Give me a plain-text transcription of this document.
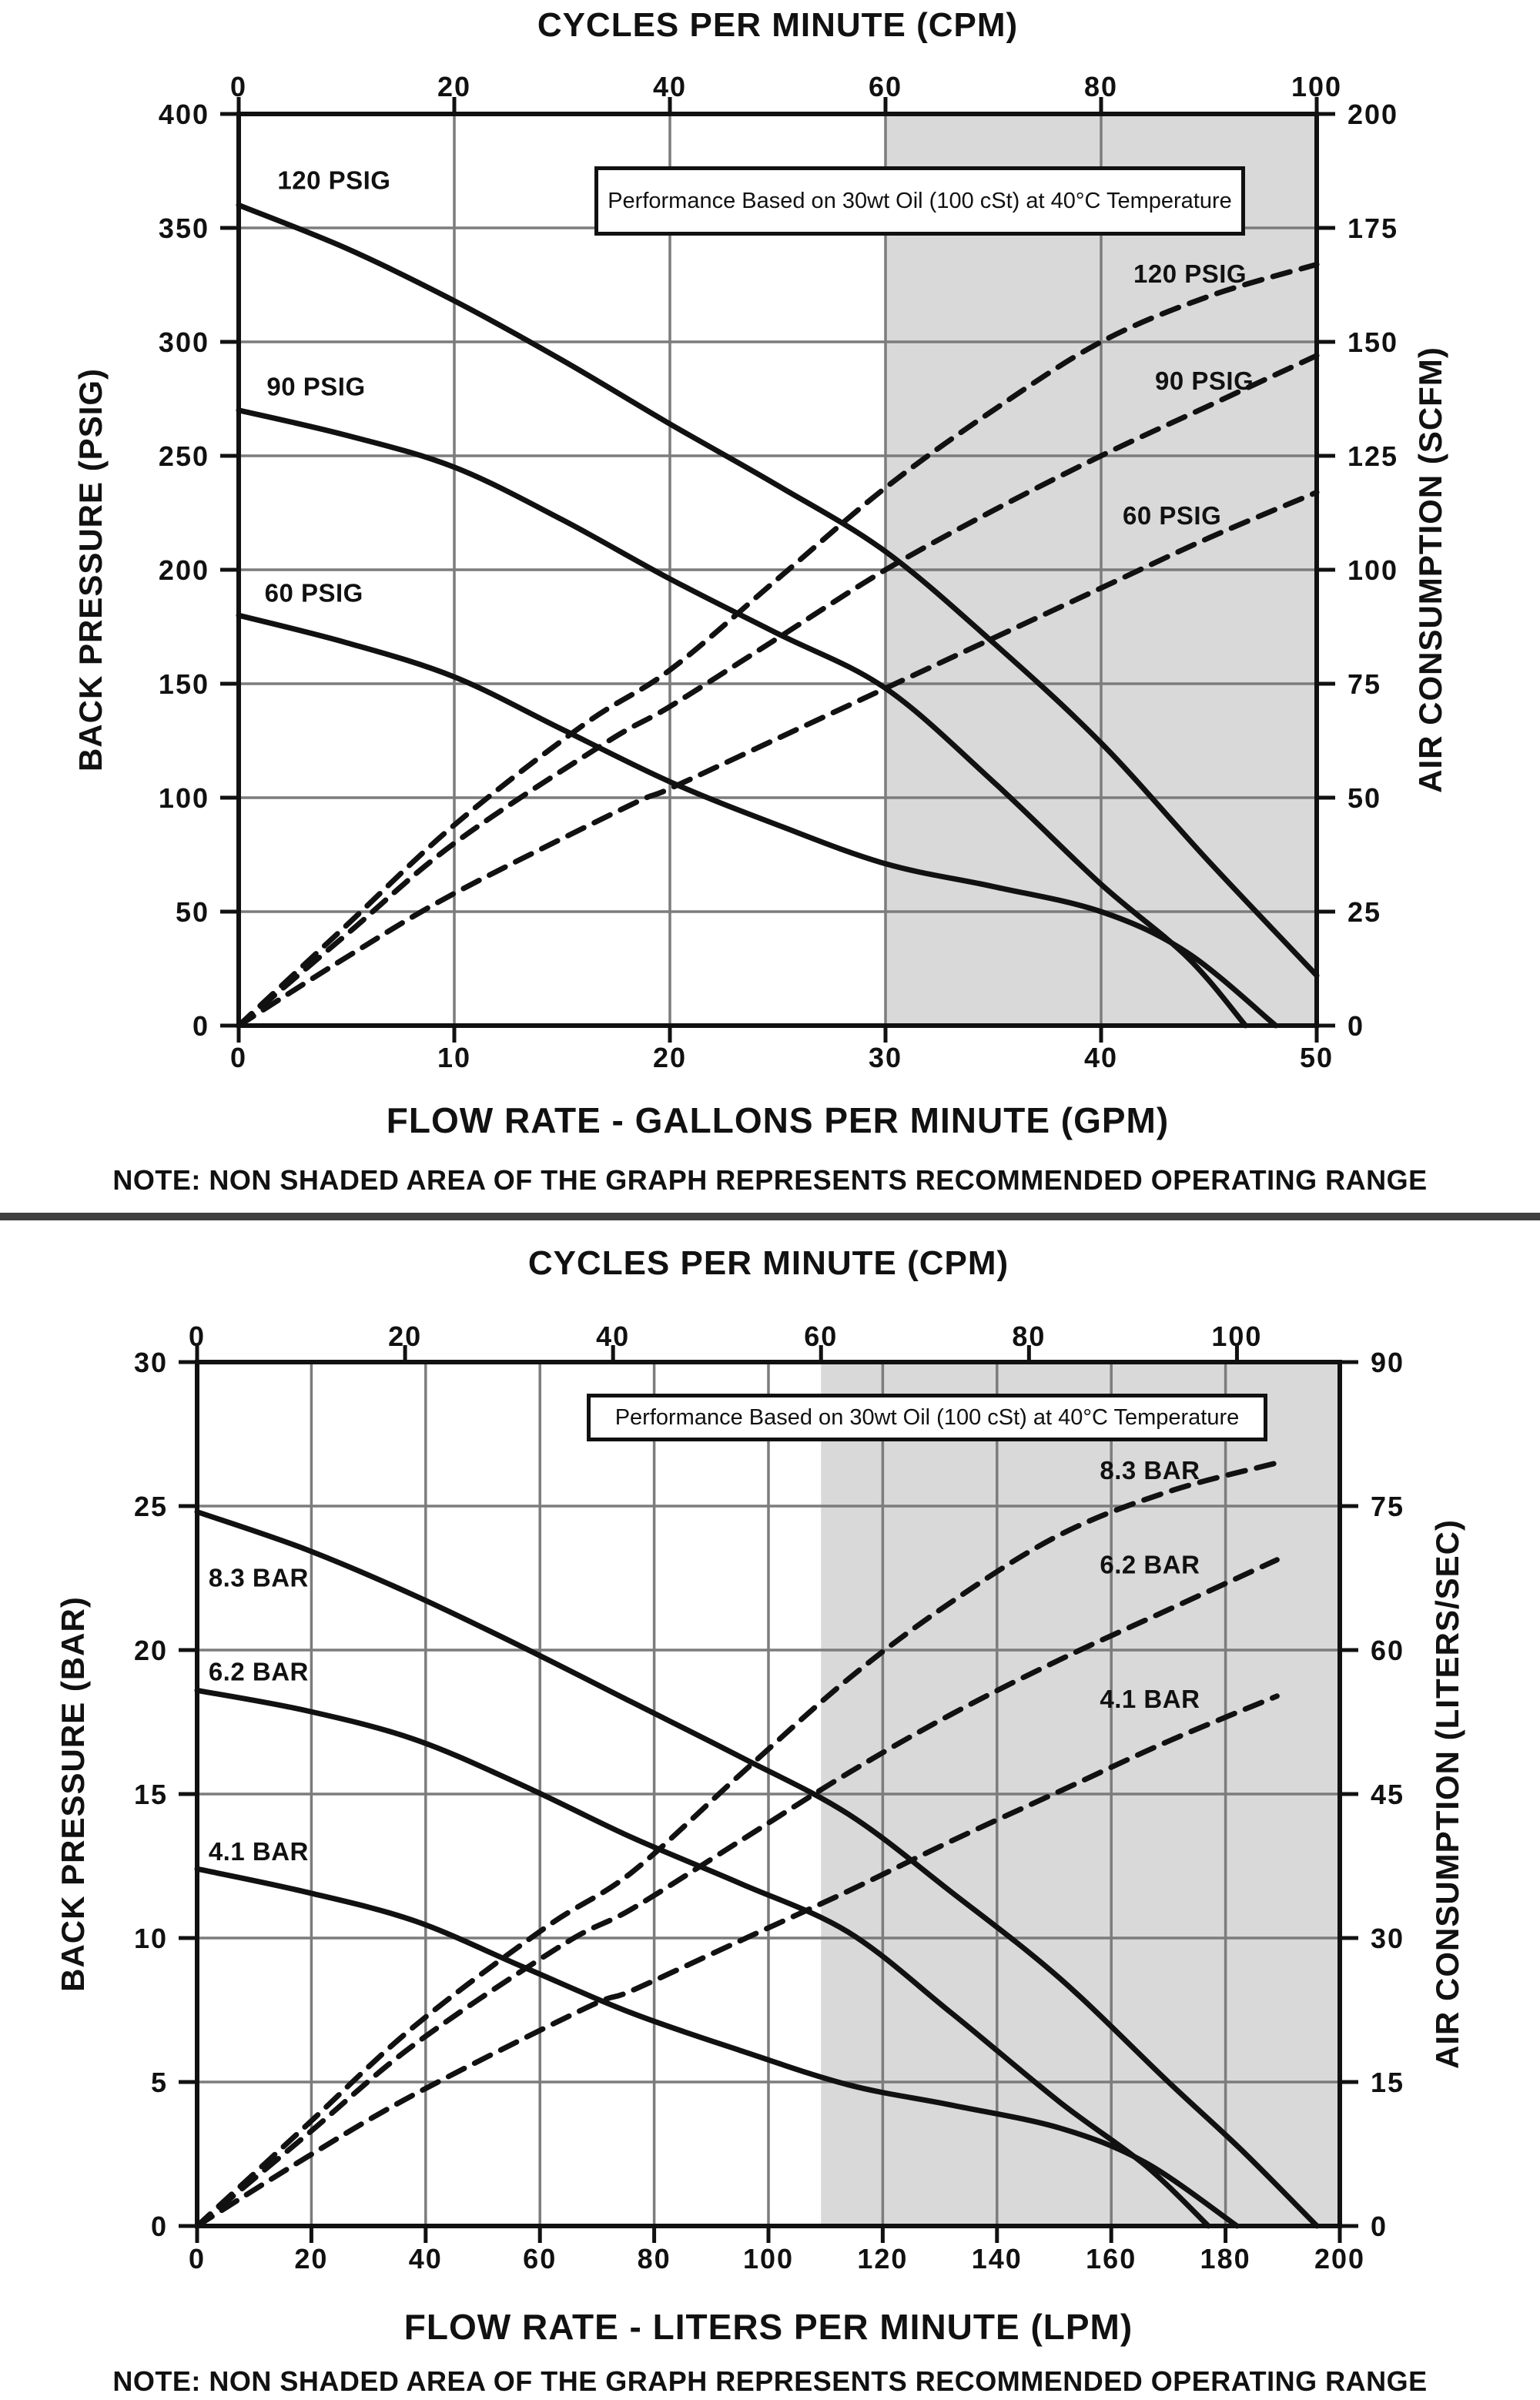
0	20	40	60	80	100
0	10	20	30	40	50
0
50
100
150
200
250
300
350
400
0
25
50
75
100
125
150
175
200
120 PSIG
90 PSIG
60 PSIG
120 PSIG
90 PSIG
60 PSIG
0	20	40	60	80	100
0	20	40	60	80	100 120 140 160 180 200
0
5
10
15
20
25
30
0
15
30
45
60
75
90
8.3 BAR
6.2 BAR
4.1 BAR
8.3 BAR
6.2 BAR
4.1 BAR
CYCLES PER MINUTE (CPM)
BACK PRESSURE (PSIG)	AIR CONSUMPTION (SCFM)
Performance Based on 30wt Oil (100 cSt) at 40°C Temperature
FLOW RATE - GALLONS PER MINUTE (GPM)
NOTE: NON SHADED AREA OF THE GRAPH REPRESENTS RECOMMENDED OPERATING RANGE
CYCLES PER MINUTE (CPM)
BACK PRESSURE (BAR)	AIR CONSUMPTION (LITERS/SEC)
Performance Based on 30wt Oil (100 cSt) at 40°C Temperature
FLOW RATE - LITERS PER MINUTE (LPM)
NOTE: NON SHADED AREA OF THE GRAPH REPRESENTS RECOMMENDED OPERATING RANGE
